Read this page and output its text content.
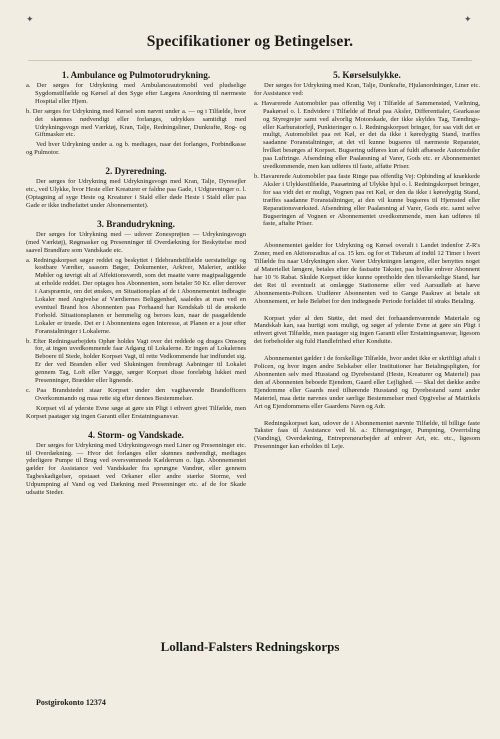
✦	✦
Specifikationer og Betingelser.
1. Ambulance og Pulmotorudrykning.
a. Der sørges for Udrykning med Ambulanceautomobil ved pludselige Sygdomstilfælde og Kørsel af den Syge efter Lægens Anordning til nærmeste Hospital eller Hjem.
b. Der sørges for Udrykning med Kørsel som nævnt under a. — og i Tilfælde, hvor det skønnes nødvendigt eller forlanges, udrykkes samtidigt med Udrykningsvogn med Værktøj, Kran, Talje, Redningsliner, Dunkrafte, Rog- og Giftmasker etc.
Ved hver Udrykning under a. og b. medtages, naar det forlanges, Forbindkasse og Pulmotor.
2. Dyreredning.
Der sørges for Udrykning med Udrykningsvogn med Kran, Talje, Dyresejler etc., ved Ulykke, hvor Heste eller Kreaturer er faldne paa Gade, i Udgravninger o. l. (Optagning af syge Heste og Kreaturer i Stald eller døde Heste i Stald eller paa Gade er ikke indbefattet under Abonnementet).
3. Brandudrykning.
Der sørges for Udrykning med — udover Zonesprøjten — Udrykningsvogn (med Værktøj), Røgmasker og Presenninger til Overdækning for Beskyttelse mod saavel Brandfare som Vandskade etc.
a. Redningskorpset søger reddet og beskyttet i Ildebrandstilfælde uerstattelige og kostbare Værdier, saasom Bøger, Dokumenter, Arkiver, Malerier, antikke Møbler og iøvrigt alt af Affektionsværdi, som det maatte være magtpaaliggende at erholde reddet. Der optages hos Abonnenten, som betaler 50 Kr. eller derover i Aarspræmie, om det ønskes, en Situationsplan af de i Abonnementet indbragte Lokaler med Angivelse af Værdiernes Beliggenhed, saaledes at man ved en eventuel Brand hos Abonnenten paa Forhaand har Kendskab til de ønskede Forhold. Situationsplanen er hemmelig og beroes kun, naar de paagældende Lokaler er truede. Det er i Abonnentens egen Interesse, at Planen er a jour efter Foranstaltninger i Lokalerne.
b. Efter Redningsarbejdets Ophør holdes Vagt over det reddede og drages Omsorg for, at ingen uvedkommende faar Adgang til Lokalerne. Er ingen af Lokalernes Beboere til Stede, holder Korpset Vagt, til rette Vedkommende har indfundet sig. Er der ved Branden eller ved Slukningen frembragt Aabninger til Lokalet gennem Tag, Loft eller Vægge, sørger Korpset disse foreløbig lukket med Presenninger, Brædder eller lignende.
c. Paa Brandstedet staar Korpset under den vagthavende Brandofficers Overkommando og maa rette sig efter dennes Bestemmelser.
Korpset vil af yderste Evne søge at gøre sin Pligt i ethvert givet Tilfælde, men Korpset paatager sig ingen Garanti eller Erstatningsansvar.
4. Storm- og Vandskade.
Der sørges for Udrykning med Udrykningsvogn med Liner og Presenninger etc. til Overdækning. — Hvor det forlanges eller skønnes nødvendigt, medtages yderligere Pumpe til Brug ved oversvømmede Kælderrum o. lign. Abonnementet gælder for Assistance ved Vandskader fra sprungne Vandrør, eller gennem Tagbeskadigelser, opstaaet ved Orkaner eller andre stærke Storme, ved Udpumpning af Vand og ved Dækning med Presenninger etc. af de for Skade udsatte Steder.
5. Kørselsulykke.
Der sørges for Udrykning med Kran, Talje, Dunkrafte, Hjulanordninger, Liner etc. for Assistance ved:
a. Havarerede Automobiler paa offentlig Vej i Tilfælde af Sammenstød, Væltning, Paakørsel o. l. Endvidere i Tilfælde af Brud paa Aksler, Differentialer, Gearkasse og Styregrejer samt ved alvorlig Motorskade, der ikke skyldes Tag, Tændings- eller Karburatorfejl, Punkteringer o. l. Redningskorpset bringer, for saa vidt det er muligt, Automobilet paa ret Køl, er det da ikke i køredygtig Stand, træffes saadanne Foranstaltninger, at det vil kunne bugseres til nærmeste Reparatør, hvilket besørges af Korpset. Bugsering udføres kun af fuldt afbæsede Automobiler paa Luftringe. Afsendning eller Paalæsning af Varer, Gods etc. er Abonnementet uvedkommende, men kan udføres til faste, affatte Priser.
b. Havarerede Automobiler paa faste Ringe paa offentlig Vej: Opbinding af knækkede Aksler i Ulykkestilfælde, Paasætning af Ulykke hjul o. l. Redningskorpset bringer, for saa vidt det er muligt, Vognen paa ret Køl, er den da ikke i køredygtig Stand, træffes saadanne Foranstaltninger, at den vil kunne bugseres til Hjemsted eller Reparationsværksted. Afsendning eller Paalæsning af Varer, Gods etc. samt selve Bugseringen af Vognen er Abonnementet uvedkommende, men kan udføres til faste, aftalte Priser.
Abonnementet gælder for Udrykning og Kørsel overalt i Landet indenfor Z-R's Zoner, med en Aktionsradius af ca. 15 km. og for et Tidsrum af indtil 12 Timer i hvert Tilfælde fra naar Udrykningen sker. Varer Udrykningen længere, eller benyttes noget af Materiellet længere, betales efter de fastsatte Takster, paa hvilke enhver Abonnent har 10 % Rabat. Skulde Korpset ikke kunne opretholde den tilsvarskelige Stand, har det Ret til eventuelt at omlægge Stationerne eller ved Aarsudløb at hæve Abonnements-Policen. Uudfører Abonnenten ved to Gange Paakrav at betale sit Abonnement, er hele Beløbet for den indtegnede Periode forfaldet til straks Betaling.
Korpset yder al den Støtte, det med det forhaandenværende Materiale og Mandskab kan, saa hurtigt som muligt, og søger af yderste Evne at gøre sin Pligt i ethvert givet Tilfælde, men paatager sig ingen Garanti eller Erstatningsansvar, ligesom det forbeholder sig fuld Handlefrihed efter Konduite.
Abonnementet gælder i de forskellige Tilfælde, hvor andet ikke er skriftligt aftalt i Policen, og hvor ingen andre Selskaber eller Institutioner har Betalingspligten, for Abonnenten selv med Husstand og Dyrebestand (Heste, Kreaturer og Materiel) paa den af Abonnenten beboede Ejendom, Gaard eller Lejlighed. — Skal det dække andre Ejendomme eller Gaards med tilhørende Husstand og Dyrebestand samt ander Materiel, maa dette nævnes under særlige Bestemmelser med Opgivelse af Matrikels Art og Ejendommens eller Gaardens Navn og Adr.
Redningskorpset kan, udover de i Abonnementet nævnte Tilfælde, til billige faste Takster faas til Assistance ved bl. a.: Eftersøgninger, Pumpning, Overrisling (Vanding), Overdækning, Entreprenørarbejder af enhver Art, etc. etc., ligesom Presenninger kan erholdes til Leje.
Lolland-Falsters Redningskorps
Postgirokonto 12374
